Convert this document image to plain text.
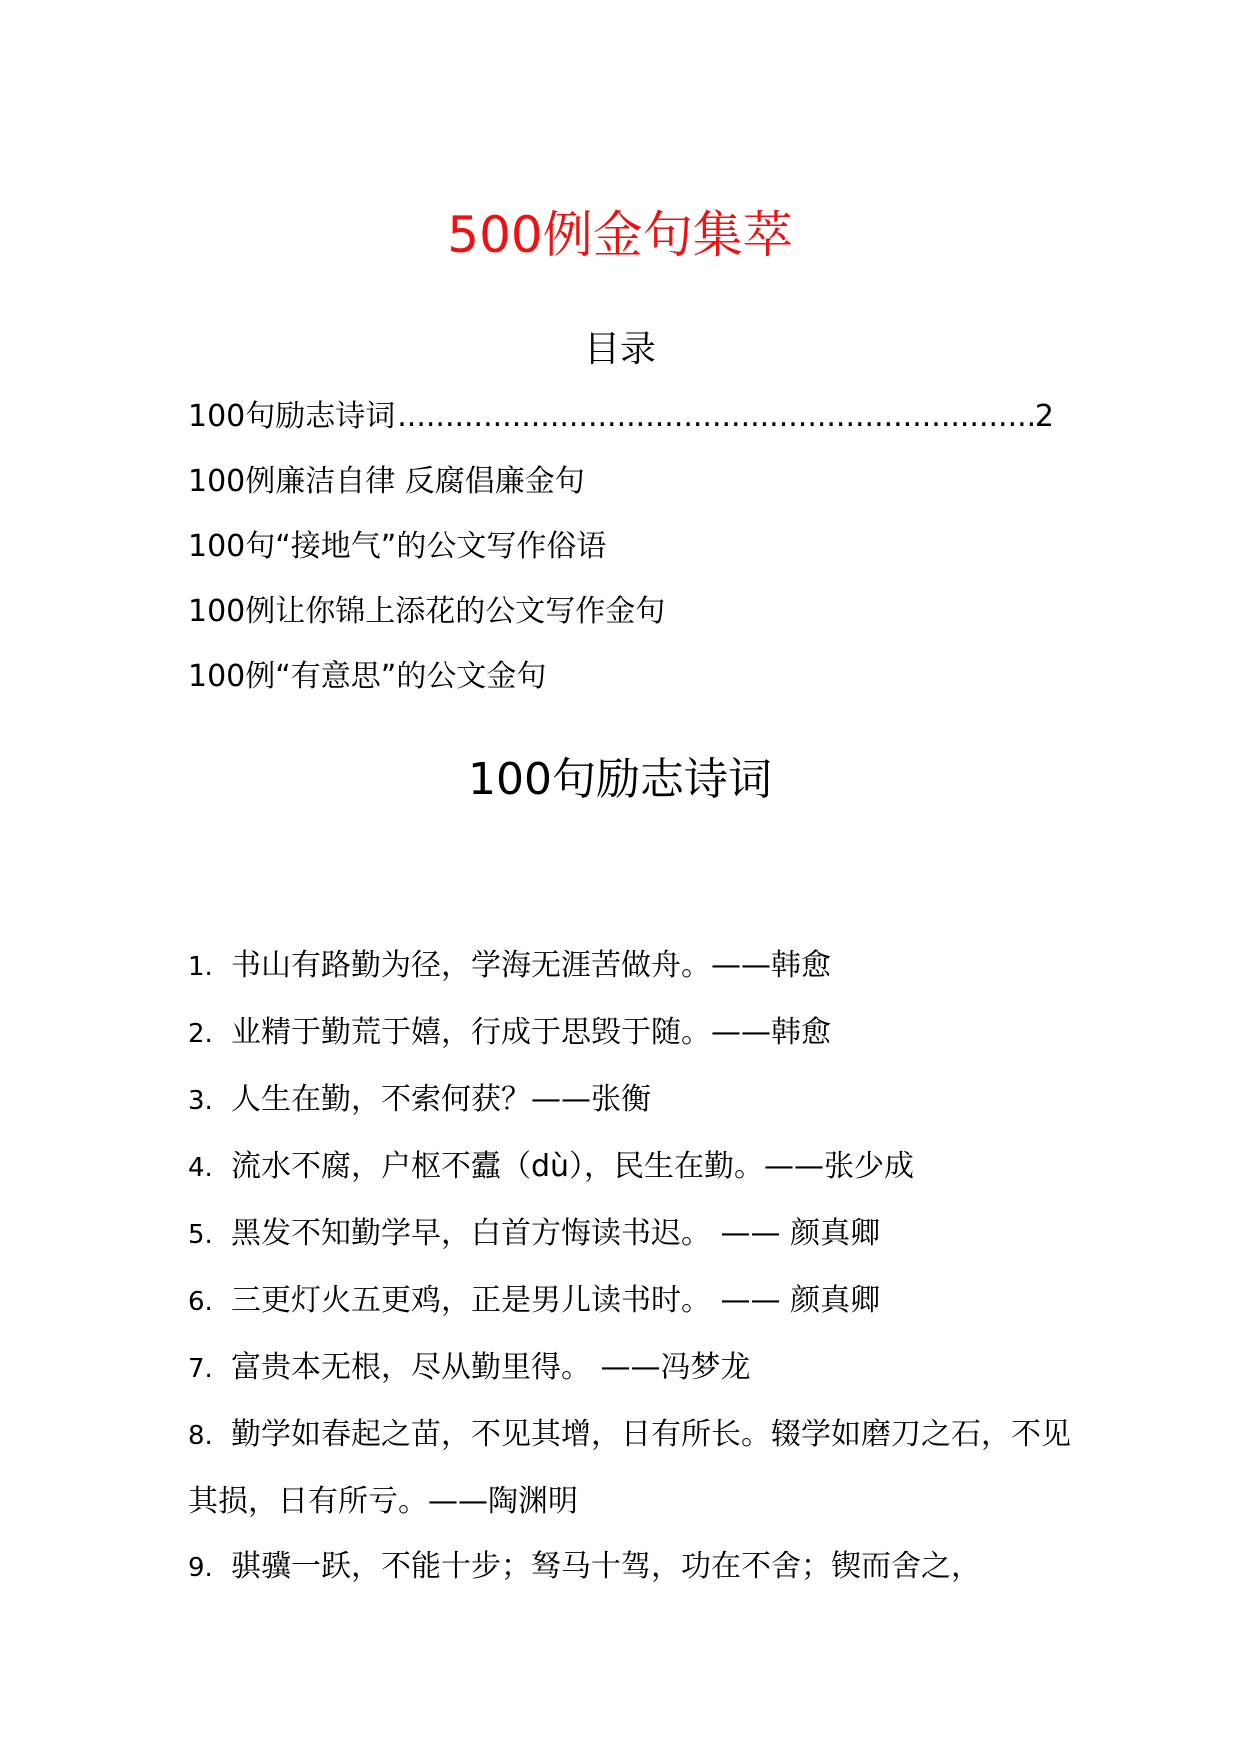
500例金句集萃
目录
100句励志诗词
.....	2
100例廉洁自律 反腐倡廉金句
100句“接地气”的公文写作俗语
100例让你锦上添花的公文写作金句
100例“有意思”的公文金句
100句励志诗词
1. 书山有路勤为径，学海无涯苦做舟。——韩愈
2. 业精于勤荒于嬉，行成于思毁于随。——韩愈
3. 人生在勤，不索何获？——张衡
4. 流水不腐，户枢不蠹（dù），民生在勤。——张少成
5. 黑发不知勤学早，白首方悔读书迟。 —— 颜真卿
6. 三更灯火五更鸡，正是男儿读书时。 —— 颜真卿
7. 富贵本无根，尽从勤里得。 ——冯梦龙
8. 勤学如春起之苗，不见其增，日有所长。辍学如磨刀之石，不见其损，日有所亏。——陶渊明
9. 骐骥一跃，不能十步；驽马十驾，功在不舍；锲而舍之，
